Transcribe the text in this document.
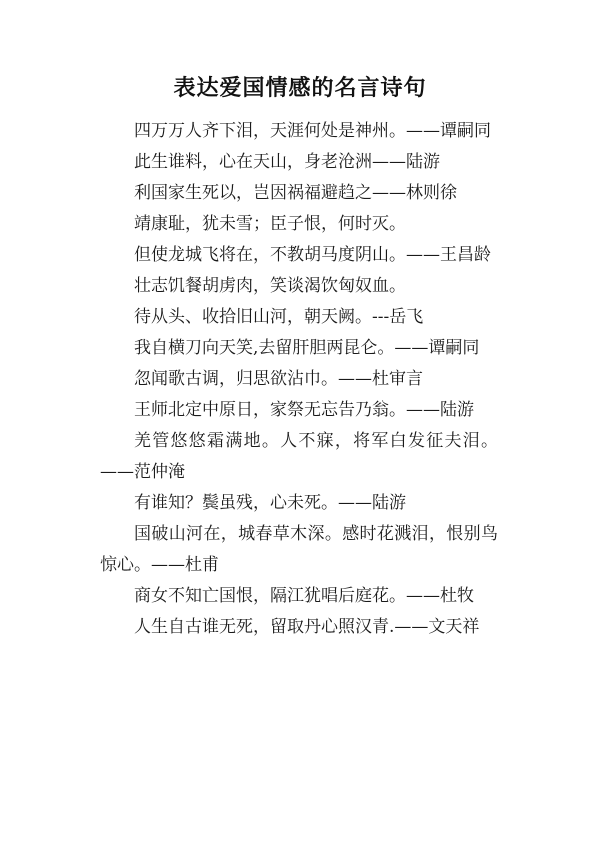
表达爱国情感的名言诗句

四万万人齐下泪，天涯何处是神州。——谭嗣同

此生谁料，心在天山，身老沧洲——陆游

利国家生死以，岂因祸福避趋之——林则徐

靖康耻，犹未雪；臣子恨，何时灭。

但使龙城飞将在，不教胡马度阴山。——王昌龄

壮志饥餐胡虏肉，笑谈渴饮匈奴血。

待从头、收拾旧山河，朝天阙。---岳飞

我自横刀向天笑,去留肝胆两昆仑。——谭嗣同

忽闻歌古调，归思欲沾巾。——杜审言

王师北定中原日，家祭无忘告乃翁。——陆游

羌管悠悠霜满地。人不寐，将军白发征夫泪。——范仲淹

有谁知？鬓虽残，心未死。——陆游

国破山河在，城春草木深。感时花溅泪，恨别鸟惊心。——杜甫

商女不知亡国恨，隔江犹唱后庭花。——杜牧

人生自古谁无死，留取丹心照汉青.——文天祥
